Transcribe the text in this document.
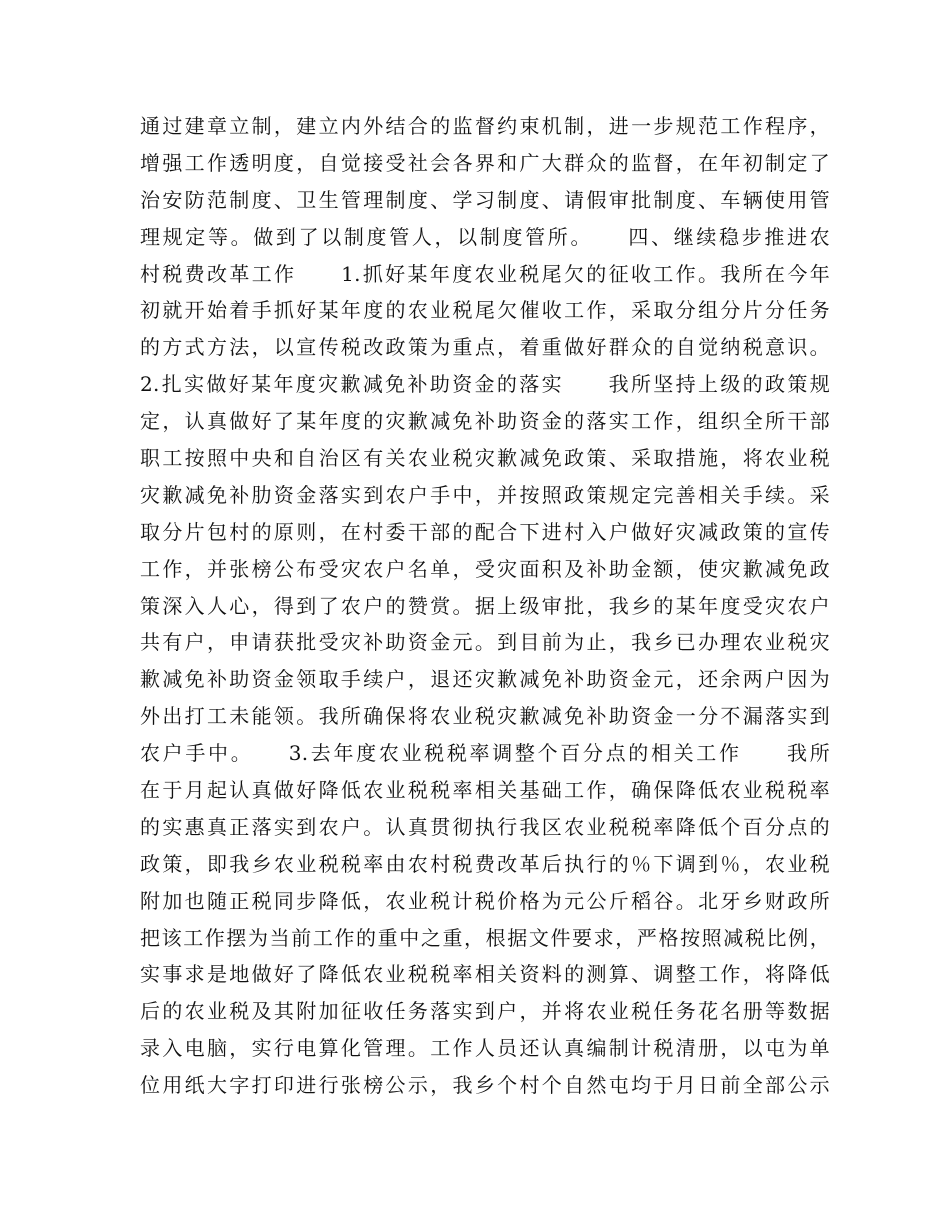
通过建章立制，建立内外结合的监督约束机制，进一步规范工作程序，
增强工作透明度，自觉接受社会各界和广大群众的监督，在年初制定了
治安防范制度、卫生管理制度、学习制度、请假审批制度、车辆使用管
理规定等。做到了以制度管人，以制度管所。　　四、继续稳步推进农
村税费改革工作　　1.抓好某年度农业税尾欠的征收工作。我所在今年
初就开始着手抓好某年度的农业税尾欠催收工作，采取分组分片分任务
的方式方法，以宣传税改政策为重点，着重做好群众的自觉纳税意识。
2.扎实做好某年度灾歉减免补助资金的落实　　我所坚持上级的政策规
定，认真做好了某年度的灾歉减免补助资金的落实工作，组织全所干部
职工按照中央和自治区有关农业税灾歉减免政策、采取措施，将农业税
灾歉减免补肋资金落实到农户手中，并按照政策规定完善相关手续。采
取分片包村的原则，在村委干部的配合下进村入户做好灾减政策的宣传
工作，并张榜公布受灾农户名单，受灾面积及补助金额，使灾歉减免政
策深入人心，得到了农户的赞赏。据上级审批，我乡的某年度受灾农户
共有户，申请获批受灾补助资金元。到目前为止，我乡已办理农业税灾
歉减免补助资金领取手续户，退还灾歉减免补助资金元，还余两户因为
外出打工未能领。我所确保将农业税灾歉减免补助资金一分不漏落实到
农户手中。　　3.去年度农业税税率调整个百分点的相关工作　　我所
在于月起认真做好降低农业税税率相关基础工作，确保降低农业税税率
的实惠真正落实到农户。认真贯彻执行我区农业税税率降低个百分点的
政策，即我乡农业税税率由农村税费改革后执行的％下调到％，农业税
附加也随正税同步降低，农业税计税价格为元公斤稻谷。北牙乡财政所
把该工作摆为当前工作的重中之重，根据文件要求，严格按照减税比例，
实事求是地做好了降低农业税税率相关资料的测算、调整工作，将降低
后的农业税及其附加征收任务落实到户，并将农业税任务花名册等数据
录入电脑，实行电算化管理。工作人员还认真编制计税清册，以屯为单
位用纸大字打印进行张榜公示，我乡个村个自然屯均于月日前全部公示
